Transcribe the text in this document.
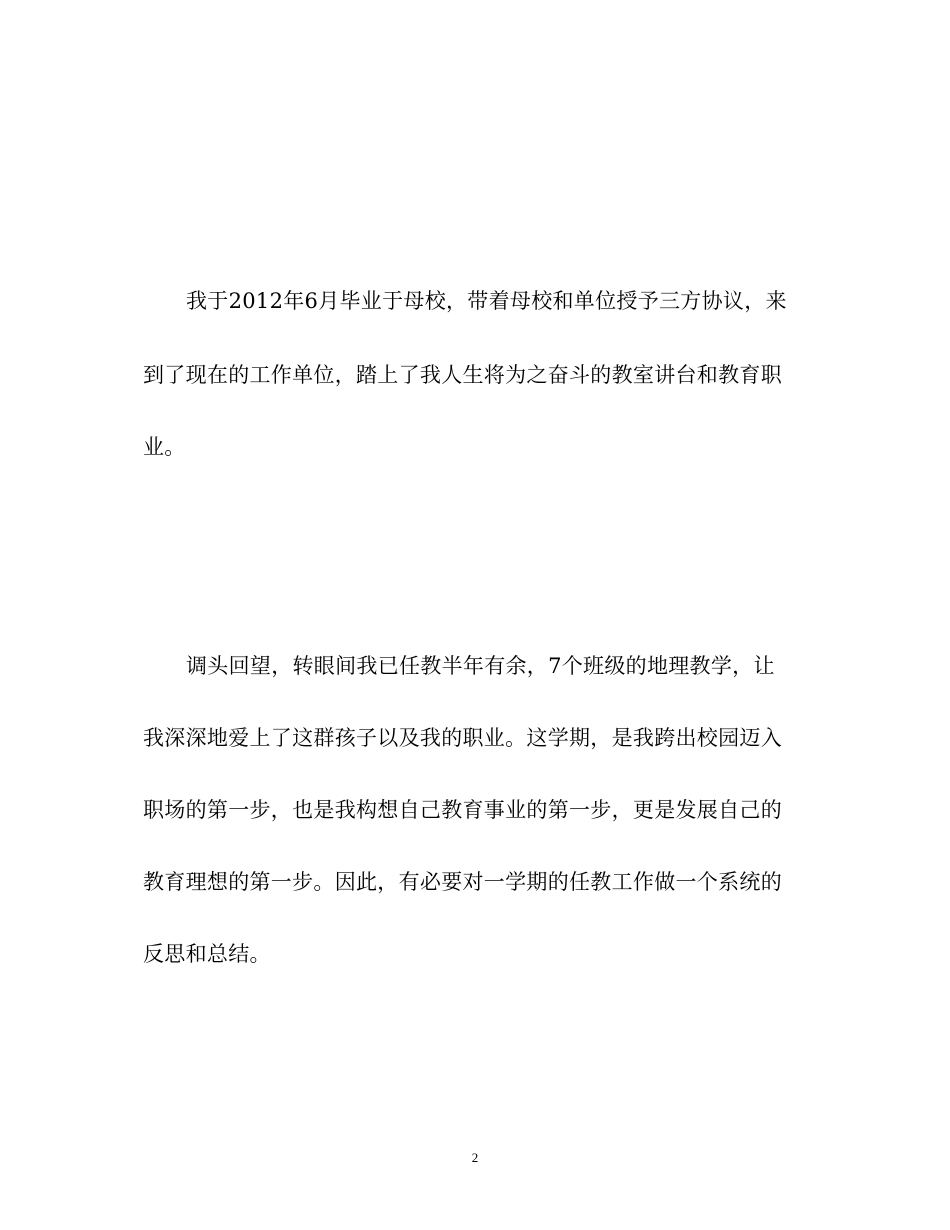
我于2012年6月毕业于母校，带着母校和单位授予三方协议，来
到了现在的工作单位，踏上了我人生将为之奋斗的教室讲台和教育职
业。
调头回望，转眼间我已任教半年有余，7个班级的地理教学，让
我深深地爱上了这群孩子以及我的职业。这学期，是我跨出校园迈入
职场的第一步，也是我构想自己教育事业的第一步，更是发展自己的
教育理想的第一步。因此，有必要对一学期的任教工作做一个系统的
反思和总结。
2
